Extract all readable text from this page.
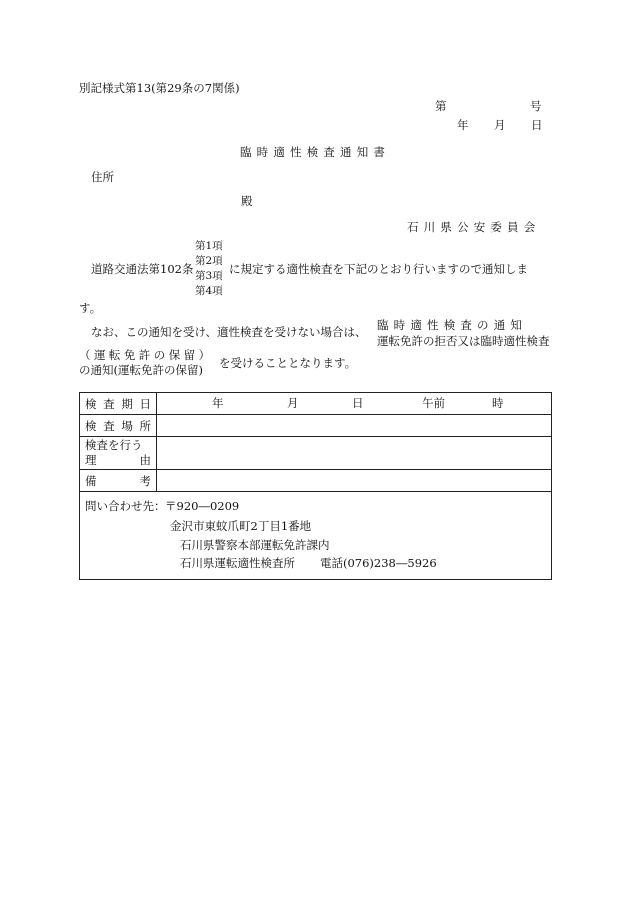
別記様式第13(第29条の7関係)
第	号
年 月 日
臨時適性検査通知書
住所
殿
石川県公安委員会
道路交通法第102条
第1項
第2項
第3項
第4項
に規定する適性検査を下記のとおり行いますので通知しま
す。
なお、この通知を受け、適性検査を受けない場合は、 臨時適性検査の通知
運転免許の拒否又は臨時適性検査
（運転免許の保留）
の通知(運転免許の保留) を受けることとなります。
検 査 期 日	年 月 日 午前 時

検 査 場 所	

検査を行う
理 由	

備 考	

問い合わせ先： 〒920―0209
金沢市東蚊爪町2丁目1番地
石川県警察本部運転免許課内
石川県運転適性検査所 電話(076)238―5926
